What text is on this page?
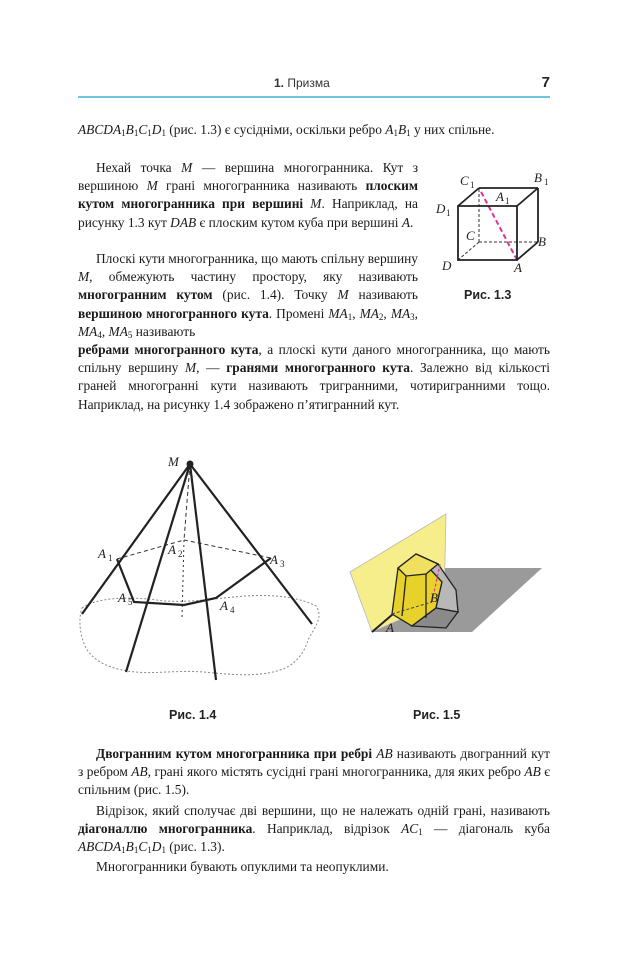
1. Призма	7

$ABCDA_1B_1C_1D_1$ (рис. 1.3) є сусідніми, оскільки ребро $A_1B_1$ у них спільне.

Нехай точка M — вершина многогранника. Кут з вершиною M грані многогранника називають плоским кутом многогранника при вершині M. Наприклад, на рисунку 1.3 кут DAB є плоским кутом куба при вершині A.

C 1	B 1
A 1
D 1
C	B
D	A
Рис. 1.3

Плоскі кути многогранника, що мають спільну вершину M, обмежують частину простору, яку називають многогранним кутом (рис. 1.4). Точку M називають вершиною многогранного кута. Промені $MA_1$, $MA_2$, $MA_3$, $MA_4$, $MA_5$ називають

ребрами многогранного кута, а плоскі кути даного многогранника, що мають спільну вершину M, — гранями многогранного кута. Залежно від кількості граней многогранні кути називають тригранними, чотиригранними тощо. Наприклад, на рисунку 1.4 зображено п’ятигранний кут.

M
A 1
A 2	A 3
A 4
A 5
Рис. 1.4
A
B
Рис. 1.5

Двогранним кутом многогранника при ребрі AB називають двогранний кут з ребром AB, грані якого містять сусідні грані многогранника, для яких ребро AB є спільним (рис. 1.5).

Відрізок, який сполучає дві вершини, що не належать одній грані, називають діагоналлю многогранника. Наприклад, відрізок $AC_1$ — діагональ куба $ABCDA_1B_1C_1D_1$ (рис. 1.3).

Многогранники бувають опуклими та неопуклими.
